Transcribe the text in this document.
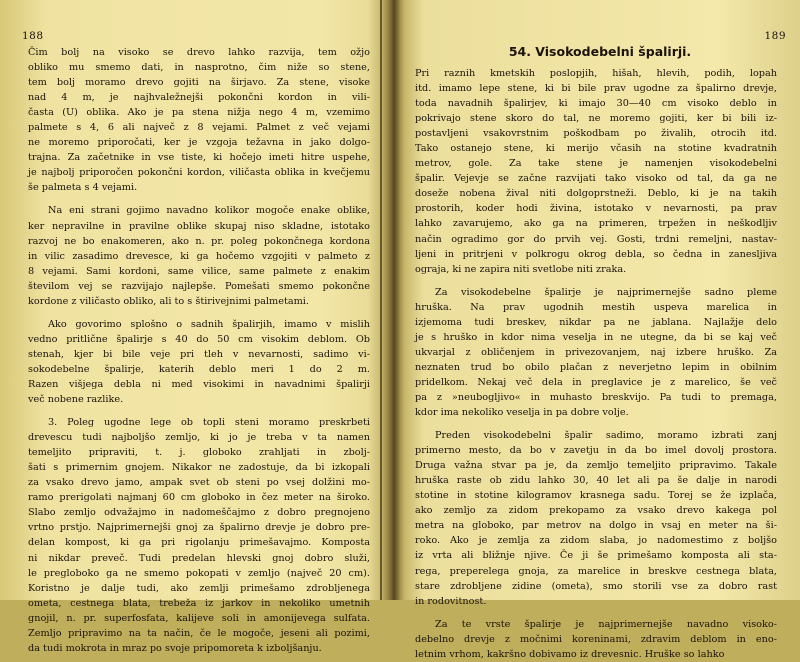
188
Čim bolj na visoko se drevo lahko razvija, tem ožjo
obliko mu smemo dati, in nasprotno, čim niže so stene,
tem bolj moramo drevo gojiti na širjavo. Za stene, visoke
nad 4 m, je najhvaležnejši pokončni kordon in vili-
časta (U) oblika. Ako je pa stena nižja nego 4 m, vzemimo
palmete s 4, 6 ali največ z 8 vejami. Palmet z več vejami
ne moremo priporočati, ker je vzgoja težavna in jako dolgo-
trajna. Za začetnike in vse tiste, ki hočejo imeti hitre uspehe,
je najbolj priporočen pokončni kordon, viličasta oblika in kvečjemu
še palmeta s 4 vejami.
Na eni strani gojimo navadno kolikor mogoče enake oblike,
ker nepravilne in pravilne oblike skupaj niso skladne, istotako
razvoj ne bo enakomeren, ako n. pr. poleg pokončnega kordona
in vilic zasadimo drevesce, ki ga hočemo vzgojiti v palmeto z
8 vejami. Sami kordoni, same vilice, same palmete z enakim
številom vej se razvijajo najlepše. Pomešati smemo pokončne
kordone z viličasto obliko, ali to s štirivejnimi palmetami.
Ako govorimo splošno o sadnih špalirjih, imamo v mislih
vedno pritlične špalirje s 40 do 50 cm visokim deblom. Ob
stenah, kjer bi bile veje pri tleh v nevarnosti, sadimo vi-
sokodebelne špalirje, katerih deblo meri 1 do 2 m.
Razen višjega debla ni med visokimi in navadnimi špalirji
več nobene razlike.
3. Poleg ugodne lege ob topli steni moramo preskrbeti
drevescu tudi najboljšo zemljo, ki jo je treba v ta namen
temeljito pripraviti, t. j. globoko zrahljati in zbolj-
šati s primernim gnojem. Nikakor ne zadostuje, da bi izkopali
za vsako drevo jamo, ampak svet ob steni po vsej dolžini mo-
ramo prerigolati najmanj 60 cm globoko in čez meter na široko.
Slabo zemljo odvažajmo in nadomeščajmo z dobro pregnojeno
vrtno prstjo. Najprimernejši gnoj za špalirno drevje je dobro pre-
delan kompost, ki ga pri rigolanju primešavajmo. Komposta
ni nikdar preveč. Tudi predelan hlevski gnoj dobro služi,
le pregloboko ga ne smemo pokopati v zemljo (največ 20 cm).
Koristno je dalje tudi, ako zemlji primešamo zdrobljenega
ometa, cestnega blata, trebeža iz jarkov in nekoliko umetnih
gnojil, n. pr. superfosfata, kalijeve soli in amonijevega sulfata.
Zemljo pripravimo na ta način, če le mogoče, jeseni ali pozimi,
da tudi mokrota in mraz po svoje pripomoreta k izboljšanju.
189
54. Visokodebelni špalirji.
Pri raznih kmetskih poslopjih, hišah, hlevih, podih, lopah
itd. imamo lepe stene, ki bi bile prav ugodne za špalirno drevje,
toda navadnih špalirjev, ki imajo 30—40 cm visoko deblo in
pokrivajo stene skoro do tal, ne moremo gojiti, ker bi bili iz-
postavljeni vsakovrstnim poškodbam po živalih, otrocih itd.
Tako ostanejo stene, ki merijo včasih na stotine kvadratnih
metrov, gole. Za take stene je namenjen visokodebelni
špalir. Vejevje se začne razvijati tako visoko od tal, da ga ne
doseže nobena žival niti dolgoprstneži. Deblo, ki je na takih
prostorih, koder hodi živina, istotako v nevarnosti, pa prav
lahko zavarujemo, ako ga na primeren, trpežen in neškodljiv
način ogradimo gor do prvih vej. Gosti, trdni remeljni, nastav-
ljeni in pritrjeni v polkrogu okrog debla, so čedna in zanesljiva
ograja, ki ne zapira niti svetlobe niti zraka.
Za visokodebelne špalirje je najprimernejše sadno pleme
hruška. Na prav ugodnih mestih uspeva marelica in
izjemoma tudi breskev, nikdar pa ne jablana. Najlažje delo
je s hruško in kdor nima veselja in ne utegne, da bi se kaj več
ukvarjal z obličenjem in privezovanjem, naj izbere hruško. Za
neznaten trud bo obilo plačan z neverjetno lepim in obilnim
pridelkom. Nekaj več dela in preglavice je z marelico, še več
pa z »neubogljivo« in muhasto breskvijo. Pa tudi to premaga,
kdor ima nekoliko veselja in pa dobre volje.
Preden visokodebelni špalir sadimo, moramo izbrati zanj
primerno mesto, da bo v zavetju in da bo imel dovolj prostora.
Druga važna stvar pa je, da zemljo temeljito pripravimo. Takale
hruška raste ob zidu lahko 30, 40 let ali pa še dalje in narodi
stotine in stotine kilogramov krasnega sadu. Torej se že izplača,
ako zemljo za zidom prekopamo za vsako drevo kakega pol
metra na globoko, par metrov na dolgo in vsaj en meter na ši-
roko. Ako je zemlja za zidom slaba, jo nadomestimo z boljšo
iz vrta ali bližnje njive. Če ji še primešamo komposta ali sta-
rega, preperelega gnoja, za marelice in breskve cestnega blata,
stare zdrobljene zidine (ometa), smo storili vse za dobro rast
in rodovitnost.
Za te vrste špalirje je najprimernejše navadno visoko-
debelno drevje z močnimi koreninami, zdravim deblom in eno-
letnim vrhom, kakršno dobivamo iz drevesnic. Hruške so lahko
